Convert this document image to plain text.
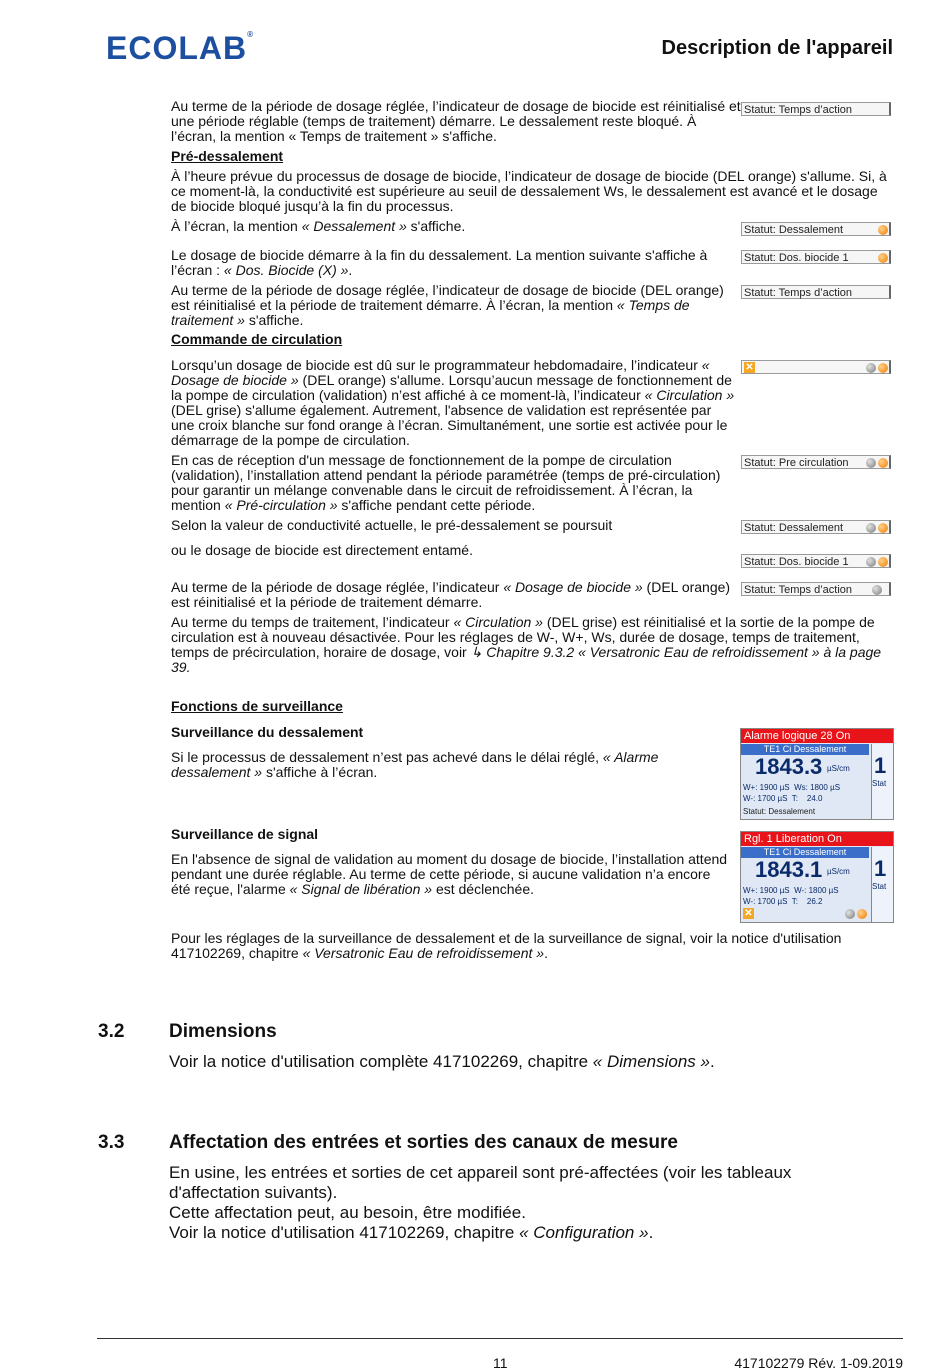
ECOLAB®
Description de l'appareil
Au terme de la période de dosage réglée, l’indicateur de dosage de biocide est réinitialisé et une période réglable (temps de traitement) démarre. Le dessalement reste bloqué. À l’écran, la mention « Temps de traitement » s'affiche.
Pré-dessalement
À l’heure prévue du processus de dosage de biocide, l’indicateur de dosage de biocide (DEL orange) s'allume. Si, à ce moment-là, la conductivité est supérieure au seuil de dessalement Ws, le dessalement est avancé et le dosage de biocide bloqué jusqu’à la fin du processus.
À l’écran, la mention « Dessalement » s'affiche.
Le dosage de biocide démarre à la fin du dessalement. La mention suivante s'affiche à l’écran : « Dos. Biocide (X) ».
Au terme de la période de dosage réglée, l’indicateur de dosage de biocide (DEL orange) est réinitialisé et la période de traitement démarre. À l’écran, la mention « Temps de traitement » s'affiche.
Commande de circulation
Lorsqu’un dosage de biocide est dû sur le programmateur hebdomadaire, l’indicateur « Dosage de biocide » (DEL orange) s'allume. Lorsqu’aucun message de fonctionnement de la pompe de circulation (validation) n’est affiché à ce moment-là, l’indicateur « Circulation » (DEL grise) s'allume également. Autrement, l'absence de validation est représentée par une croix blanche sur fond orange à l’écran. Simultanément, une sortie est activée pour le démarrage de la pompe de circulation.
En cas de réception d'un message de fonctionnement de la pompe de circulation (validation), l’installation attend pendant la période paramétrée (temps de pré-circulation) pour garantir un mélange convenable dans le circuit de refroidissement. À l’écran, la mention « Pré-circulation » s'affiche pendant cette période.
Selon la valeur de conductivité actuelle, le pré-dessalement se poursuit
ou le dosage de biocide est directement entamé.
Au terme de la période de dosage réglée, l’indicateur « Dosage de biocide » (DEL orange) est réinitialisé et la période de traitement démarre.
Au terme du temps de traitement, l’indicateur « Circulation » (DEL grise) est réinitialisé et la sortie de la pompe de circulation est à nouveau désactivée. Pour les réglages de W-, W+, Ws, durée de dosage, temps de traitement, temps de précirculation, horaire de dosage, voir ↳ Chapitre 9.3.2 « Versatronic Eau de refroidissement » à la page 39.
Fonctions de surveillance
Surveillance du dessalement
Si le processus de dessalement n’est pas achevé dans le délai réglé, « Alarme dessalement » s'affiche à l’écran.
Surveillance de signal
En l'absence de signal de validation au moment du dosage de biocide, l’installation attend pendant une durée réglable. Au terme de cette période, si aucune validation n’a encore été reçue, l'alarme « Signal de libération » est déclenchée.
Pour les réglages de la surveillance de dessalement et de la surveillance de signal, voir la notice d'utilisation 417102269, chapitre « Versatronic Eau de refroidissement ».
Statut: Temps d’action
Statut: Dessalement
Statut: Dos. biocide 1
Statut: Temps d’action
✕
Statut: Pre circulation
Statut: Dessalement
Statut: Dos. biocide 1
Statut: Temps d’action
Alarme logique 28 On
TE1 Ci Dessalement
1843.3 µS/cm
W+: 1900 µS  Ws: 1800 µS
W-: 1700 µS  T:    24.0
Statut: Dessalement
1
Stat
Rgl. 1 Liberation On
TE1 Ci Dessalement
1843.1 µS/cm
W+: 1900 µS  W-: 1800 µS
W-: 1700 µS  T:    26.2
✕
1
Stat
3.2 Dimensions
Voir la notice d'utilisation complète 417102269, chapitre « Dimensions ».
3.3 Affectation des entrées et sorties des canaux de mesure
En usine, les entrées et sorties de cet appareil sont pré-affectées (voir les tableaux d'affectation suivants).
Cette affectation peut, au besoin, être modifiée.
Voir la notice d'utilisation 417102269, chapitre « Configuration ».
11	417102279 Rév. 1-09.2019
